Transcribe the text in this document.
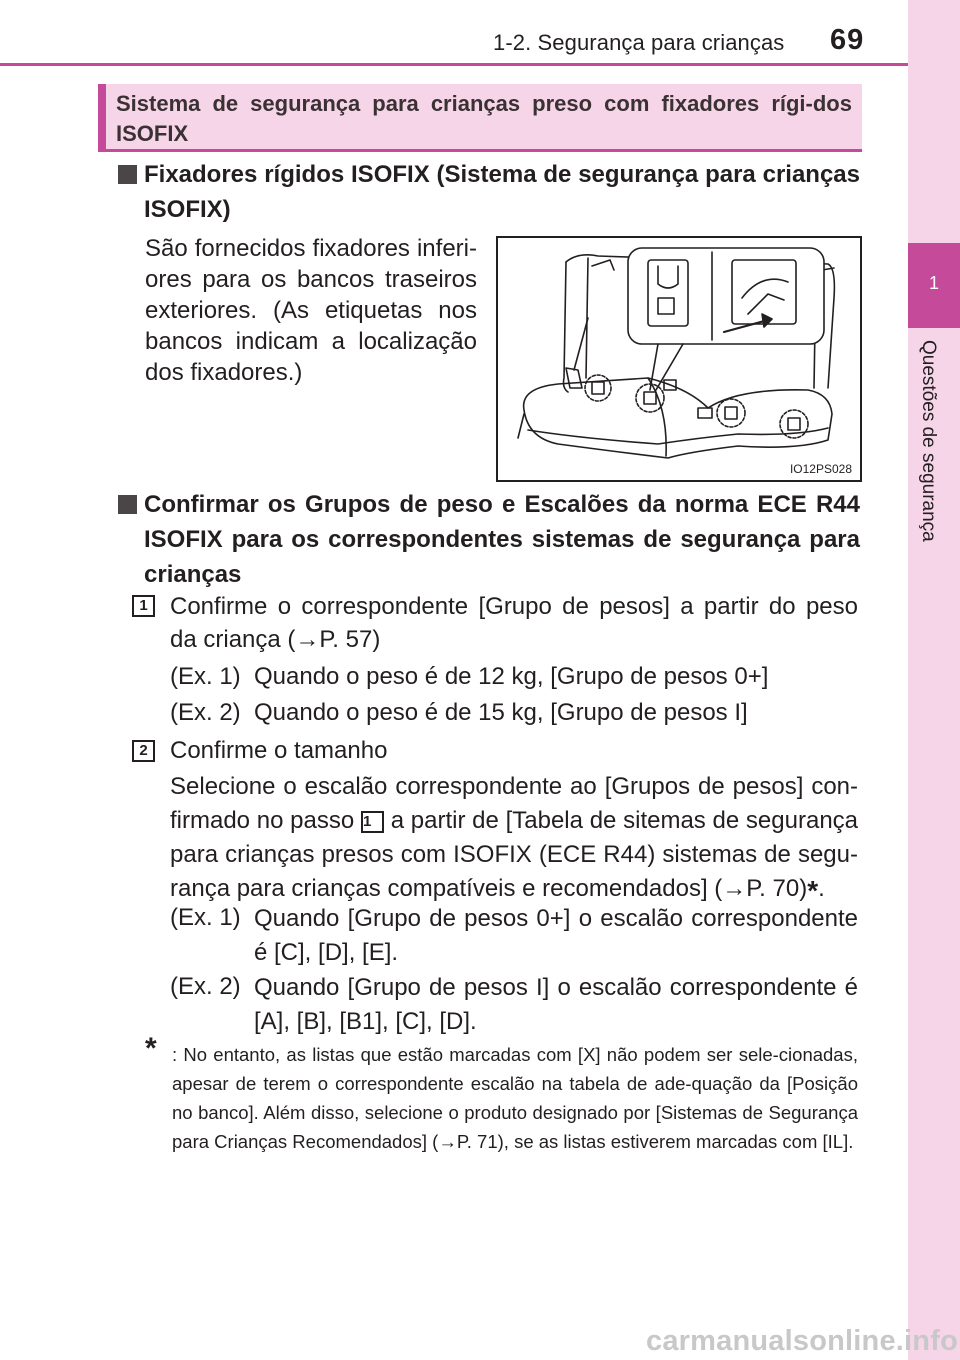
1-2. Segurança para crianças 69
1
Questões de segurança
Sistema de segurança para crianças preso com fixadores rígi-dos ISOFIX
Fixadores rígidos ISOFIX (Sistema de segurança para crianças ISOFIX)
São fornecidos fixadores inferi-ores para os bancos traseiros exteriores. (As etiquetas nos bancos indicam a localização dos fixadores.)
IO12PS028
Confirmar os Grupos de peso e Escalões da norma ECE R44 ISOFIX para os correspondentes sistemas de segurança para crianças
1 Confirme o correspondente [Grupo de pesos] a partir do peso da criança (→P. 57)
(Ex. 1) Quando o peso é de 12 kg, [Grupo de pesos 0+]
(Ex. 2) Quando o peso é de 15 kg, [Grupo de pesos I]
2 Confirme o tamanho
Selecione o escalão correspondente ao [Grupos de pesos] con-firmado no passo 1 a partir de [Tabela de sitemas de segurança para crianças presos com ISOFIX (ECE R44) sistemas de segu-rança para crianças compatíveis e recomendados] (→P. 70)*.
(Ex. 1) Quando [Grupo de pesos 0+] o escalão correspondente é [C], [D], [E].
(Ex. 2) Quando [Grupo de pesos I] o escalão correspondente é [A], [B], [B1], [C], [D].
* : No entanto, as listas que estão marcadas com [X] não podem ser sele-cionadas, apesar de terem o correspondente escalão na tabela de ade-quação da [Posição no banco]. Além disso, selecione o produto designado por [Sistemas de Segurança para Crianças Recomendados] (→P. 71), se as listas estiverem marcadas com [IL].
carmanualsonline.info
